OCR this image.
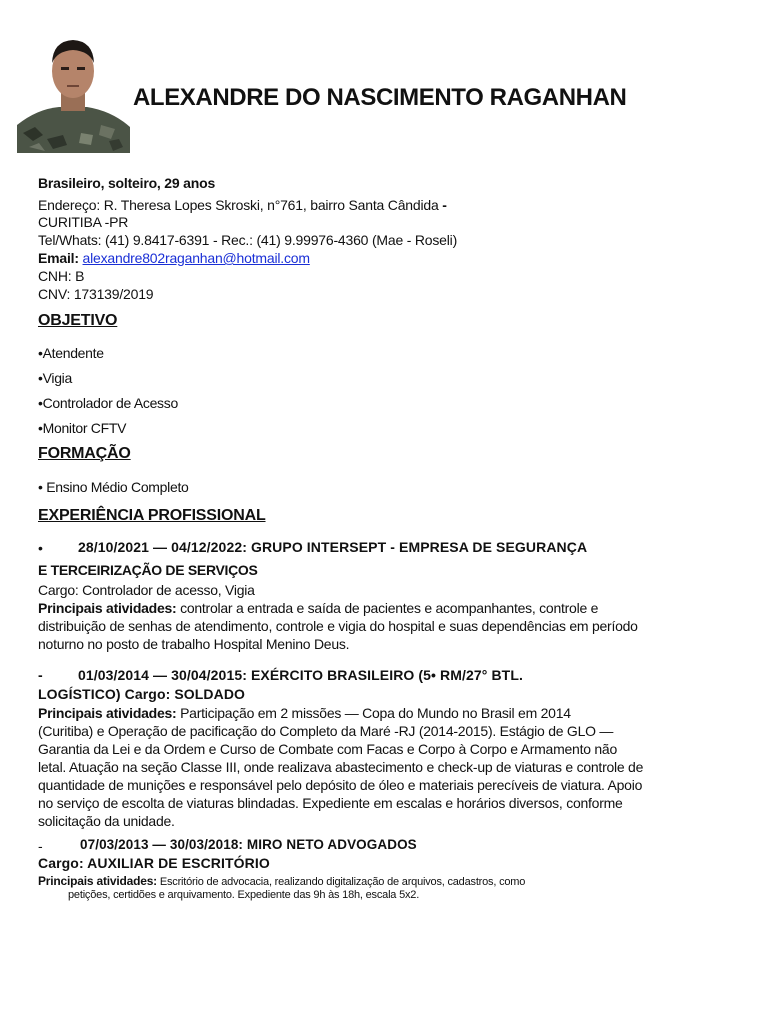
ALEXANDRE DO NASCIMENTO RAGANHAN
Brasileiro, solteiro, 29 anos
Endereço: R. Theresa Lopes Skroski, n°761, bairro Santa Cândida -
CURITIBA -PR
Tel/Whats: (41) 9.8417-6391 - Rec.: (41) 9.99976-4360 (Mae - Roseli)
Email: alexandre802raganhan@hotmail.com
CNH: B
CNV: 173139/2019
OBJETIVO
•Atendente
•Vigia
•Controlador de Acesso
•Monitor CFTV
FORMAÇÃO
• Ensino Médio Completo
EXPERIÊNCIA PROFISSIONAL
•	28/10/2021 — 04/12/2022: GRUPO INTERSEPT - EMPRESA DE SEGURANÇA
E TERCEIRIZAÇÃO DE SERVIÇOS
Cargo: Controlador de acesso, Vigia
Principais atividades: controlar a entrada e saída de pacientes e acompanhantes, controle e
distribuição de senhas de atendimento, controle e vigia do hospital e suas dependências em período
noturno no posto de trabalho Hospital Menino Deus.
-	01/03/2014 — 30/04/2015: EXÉRCITO BRASILEIRO (5• RM/27° BTL.
LOGÍSTICO) Cargo: SOLDADO
Principais atividades: Participação em 2 missões — Copa do Mundo no Brasil em 2014
(Curitiba) e Operação de pacificação do Completo da Maré -RJ (2014-2015). Estágio de GLO —
Garantia da Lei e da Ordem e Curso de Combate com Facas e Corpo à Corpo e Armamento não
letal. Atuação na seção Classe III, onde realizava abastecimento e check-up de viaturas e controle de
quantidade de munições e responsável pelo depósito de óleo e materiais perecíveis de viatura. Apoio
no serviço de escolta de viaturas blindadas. Expediente em escalas e horários diversos, conforme
solicitação da unidade.
-	07/03/2013 — 30/03/2018: MIRO NETO ADVOGADOS
Cargo: AUXILIAR DE ESCRITÓRIO
Principais atividades: Escritório de advocacia, realizando digitalização de arquivos, cadastros, como
petições, certidões e arquivamento. Expediente das 9h às 18h, escala 5x2.
